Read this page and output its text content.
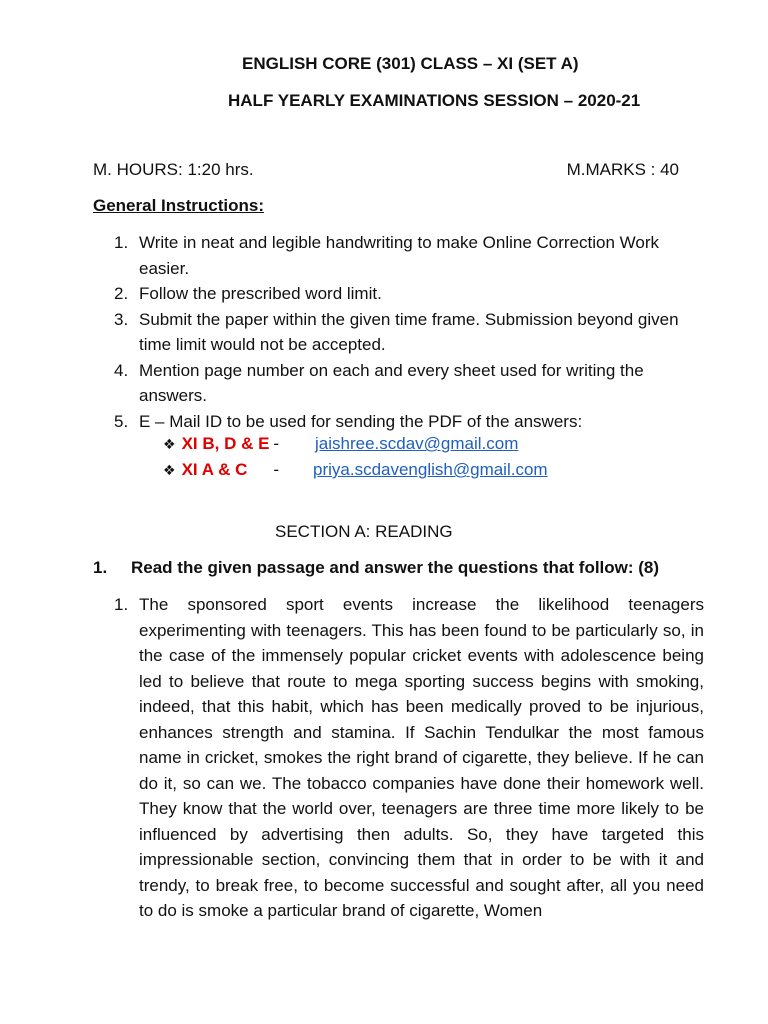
ENGLISH CORE (301) CLASS – XI (SET A)
HALF YEARLY EXAMINATIONS SESSION – 2020-21
M. HOURS: 1:20 hrs.	M.MARKS : 40
General Instructions:
1. Write in neat and legible handwriting to make Online Correction Work easier.
2. Follow the prescribed word limit.
3. Submit the paper within the given time frame. Submission beyond given time limit would not be accepted.
4. Mention page number on each and every sheet used for writing the answers.
5. E – Mail ID to be used for sending the PDF of the answers:
❖ XI B, D & E - jaishree.scdav@gmail.com
❖ XI A & C - priya.scdavenglish@gmail.com
SECTION A: READING
1. Read the given passage and answer the questions that follow: (8)
1. The sponsored sport events increase the likelihood teenagers experimenting with teenagers. This has been found to be particularly so, in the case of the immensely popular cricket events with adolescence being led to believe that route to mega sporting success begins with smoking, indeed, that this habit, which has been medically proved to be injurious, enhances strength and stamina. If Sachin Tendulkar the most famous name in cricket, smokes the right brand of cigarette, they believe. If he can do it, so can we. The tobacco companies have done their homework well. They know that the world over, teenagers are three time more likely to be influenced by advertising then adults. So, they have targeted this impressionable section, convincing them that in order to be with it and trendy, to break free, to become successful and sought after, all you need to do is smoke a particular brand of cigarette, Women
